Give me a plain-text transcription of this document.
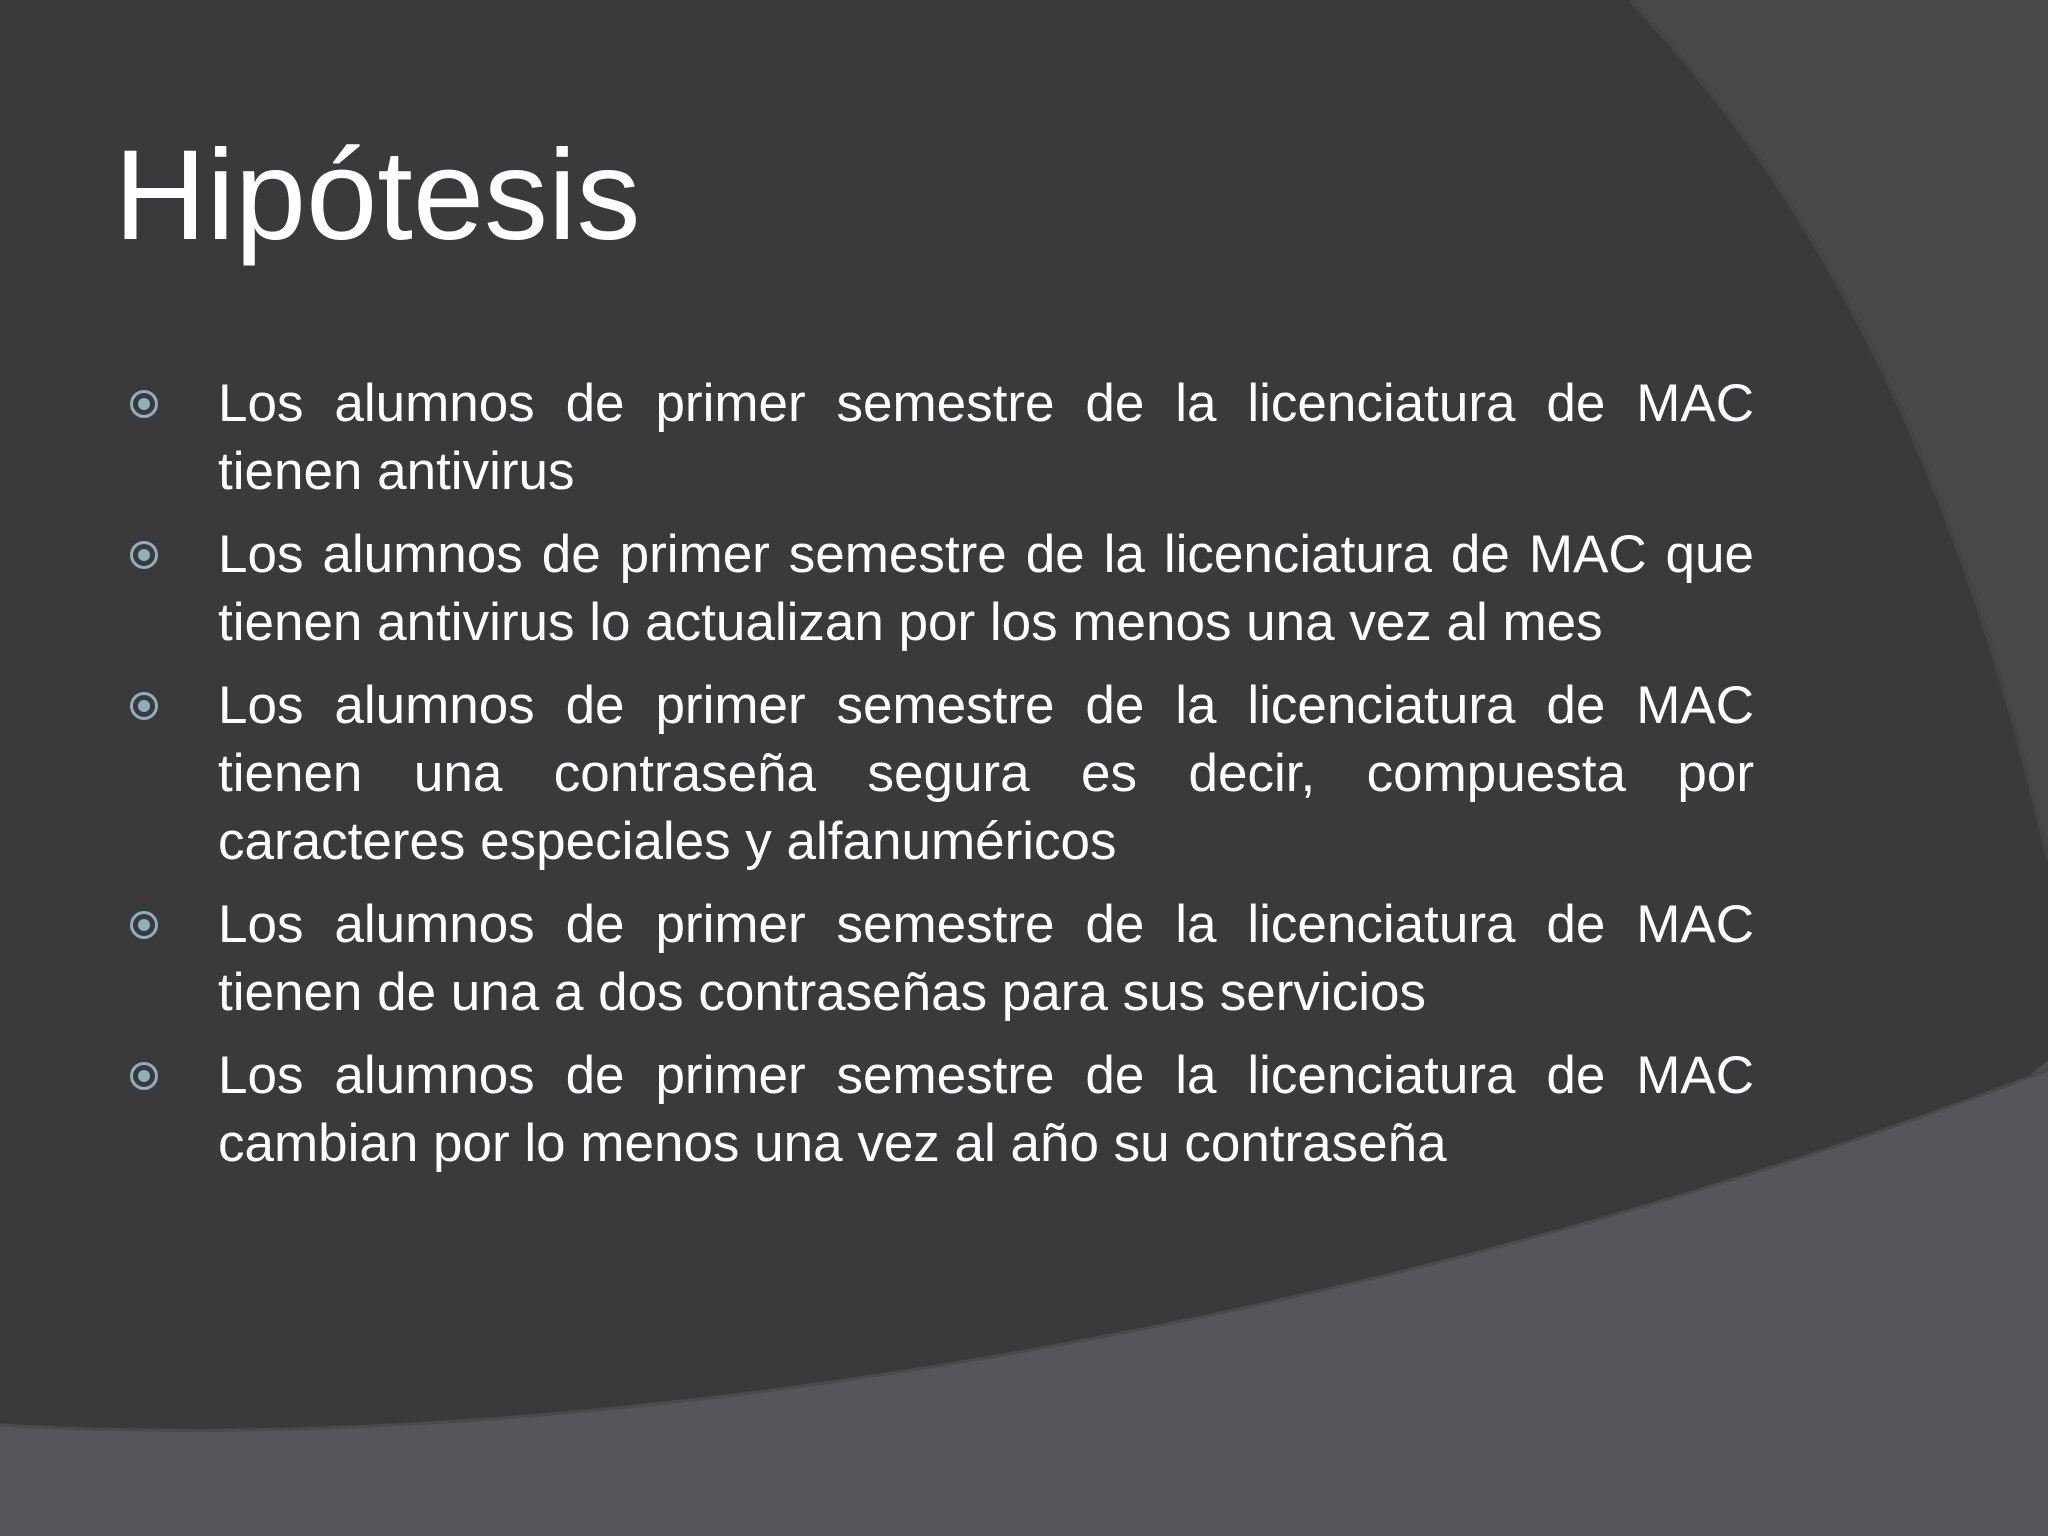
Hipótesis
Los alumnos de primer semestre de la licenciatura de MAC tienen antivirus
Los alumnos de primer semestre de la licenciatura de MAC que tienen antivirus lo actualizan por los menos una vez al mes
Los alumnos de primer semestre de la licenciatura de MAC tienen una contraseña segura es decir, compuesta por caracteres especiales y alfanuméricos
Los alumnos de primer semestre de la licenciatura de MAC tienen de una a dos contraseñas para sus servicios
Los alumnos de primer semestre de la licenciatura de MAC cambian por lo menos una vez al año su contraseña
